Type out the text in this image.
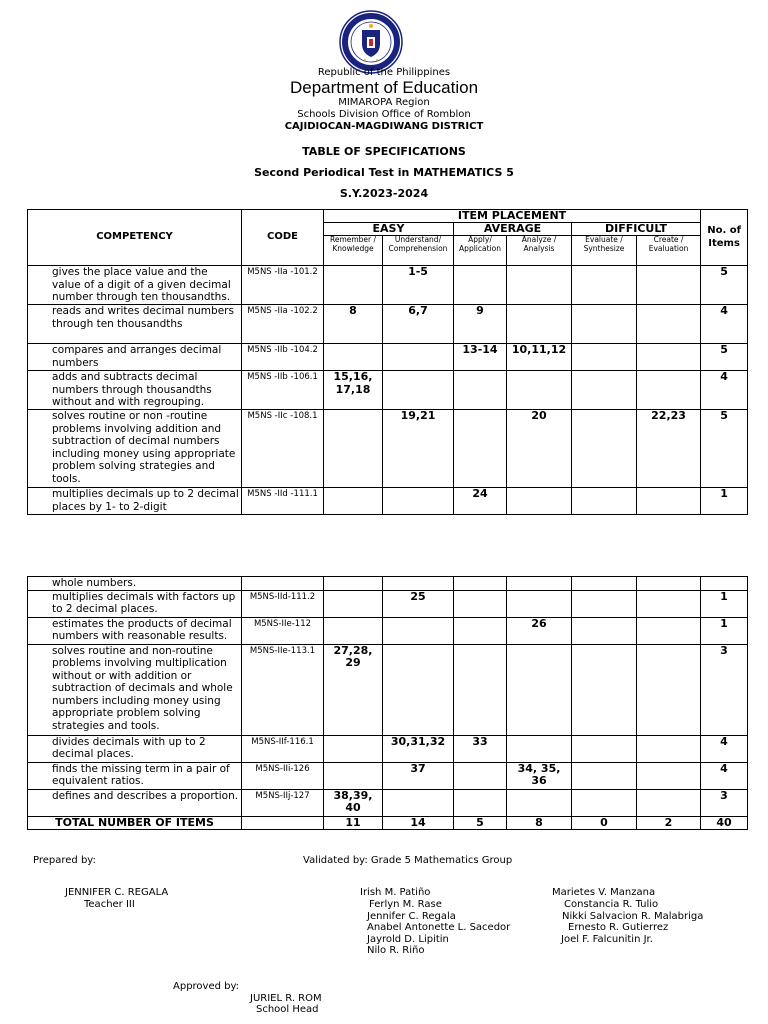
Republic of the Philippines
Department of Education
MIMAROPA Region
Schools Division Office of Romblon
CAJIDIOCAN-MAGDIWANG DISTRICT
TABLE OF SPECIFICATIONS
Second Periodical Test in MATHEMATICS 5
S.Y.2023-2024
COMPETENCY	CODE	ITEM PLACEMENT						No. of Items
		EASY		AVERAGE		DIFFICULT		
		Remember / Knowledge	Understand/ Comprehension	Apply/ Application	Analyze / Analysis	Evaluate / Synthesize	Create / Evaluation	
gives the place value and the value of a digit of a given decimal number through ten thousandths.	M5NS -IIa -101.2		1-5					5
reads and writes decimal numbers through ten thousandths	M5NS -IIa -102.2	8	6,7	9				4
compares and arranges decimal numbers	M5NS -IIb -104.2			13-14	10,11,12			5
adds and subtracts decimal numbers through thousandths without and with regrouping.	M5NS -IIb -106.1	15,16, 17,18						4
solves routine or non -routine problems involving addition and subtraction of decimal numbers including money using appropriate problem solving strategies and tools.	M5NS -IIc -108.1		19,21		20		22,23	5
multiplies decimals up to 2 decimal places by 1- to 2-digit	M5NS -IId -111.1			24				1
whole numbers.								
multiplies decimals with factors up to 2 decimal places.	M5NS-IId-111.2		25					1
estimates the products of decimal numbers with reasonable results.	M5NS-IIe-112				26			1
solves routine and non-routine problems involving multiplication without or with addition or subtraction of decimals and whole numbers including money using appropriate problem solving strategies and tools.	M5NS-IIe-113.1	27,28, 29						3
divides decimals with up to 2 decimal places.	M5NS-IIf-116.1		30,31,32	33				4
finds the missing term in a pair of equivalent ratios.	M5NS-IIi-126		37		34, 35, 36			4
defines and describes a proportion.	M5NS-IIj-127	38,39, 40						3
TOTAL NUMBER OF ITEMS		11	14	5	8	0	2	40
Prepared by:	Validated by: Grade 5 Mathematics Group
JENNIFER C. REGALA
Teacher III
Irish M. Patiño
Ferlyn M. Rase
Jennifer C. Regala
Anabel Antonette L. Sacedor
Jayrold D. Lipitin
Nilo R. Riño
Marietes V. Manzana
Constancia R. Tulio
Nikki Salvacion R. Malabriga
Ernesto R. Gutierrez
Joel F. Falcunitin Jr.
Approved by:
JURIEL R. ROM
School Head
